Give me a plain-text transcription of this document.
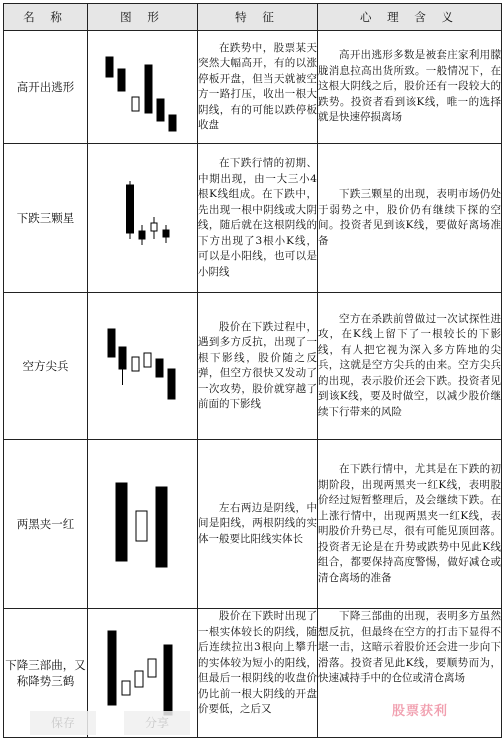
名 称	图 形	特 征	心 理 含 义
高开出逃形		在跌势中，股票某天突然大幅高开，有的以涨停板开盘，但当天就被空方一路打压，收出一根大阴线，有的可能以跌停板收盘	高开出逃形多数是被套庄家利用朦胧消息拉高出货所致。一般情况下，在这根大阴线之后，股价还有一段较大的跌势。投资者看到该K线，唯一的选择就是快速停损离场
下跌三颗星		在下跌行情的初期、中期出现，由一大三小4根K线组成。在下跌中，先出现一根中阴线或大阴线，随后就在这根阴线的下方出现了3根小K线，可以是小阳线，也可以是小阴线	下跌三颗星的出现，表明市场仍处于弱势之中，股价仍有继续下探的空间。投资者见到该K线，要做好离场准备
空方尖兵		股价在下跌过程中，遇到多方反抗，出现了一根下影线，股价随之反弹，但空方很快又发动了一次攻势，股价就穿越了前面的下影线	空方在杀跌前曾做过一次试探性进攻，在K线上留下了一根较长的下影线，有人把它视为深入多方阵地的尖兵，这就是空方尖兵的由来。空方尖兵的出现，表示股价还会下跌。投资者见到该K线，要及时做空，以减少股价继续下行带来的风险
两黑夹一红		左右两边是阴线，中间是阳线，两根阴线的实体一般要比阳线实体长	在下跌行情中，尤其是在下跌的初期阶段，出现两黑夹一红K线，表明股价经过短暂整理后，及会继续下跌。在上涨行情中，出现两黑夹一红K线，表明股价升势已尽，很有可能见顶回落。投资者无论是在升势或跌势中见此K线组合，都要保持高度警惕，做好减仓或清仓离场的准备
下降三部曲，又称降势三鹤		股价在下跌时出现了一根实体较长的阴线，随后连续拉出3根向上攀升的实体较为短小的阳线，但最后一根阴线的收盘价仍比前一根大阴线的开盘价要低，之后又	下降三部曲的出现，表明多方虽然想反抗，但最终在空方的打击下显得不堪一击，这暗示着股价还会进一步向下滑落。投资者见此K线，要顺势而为，快速减持手中的仓位或清仓离场
保存	分享
股票获利
